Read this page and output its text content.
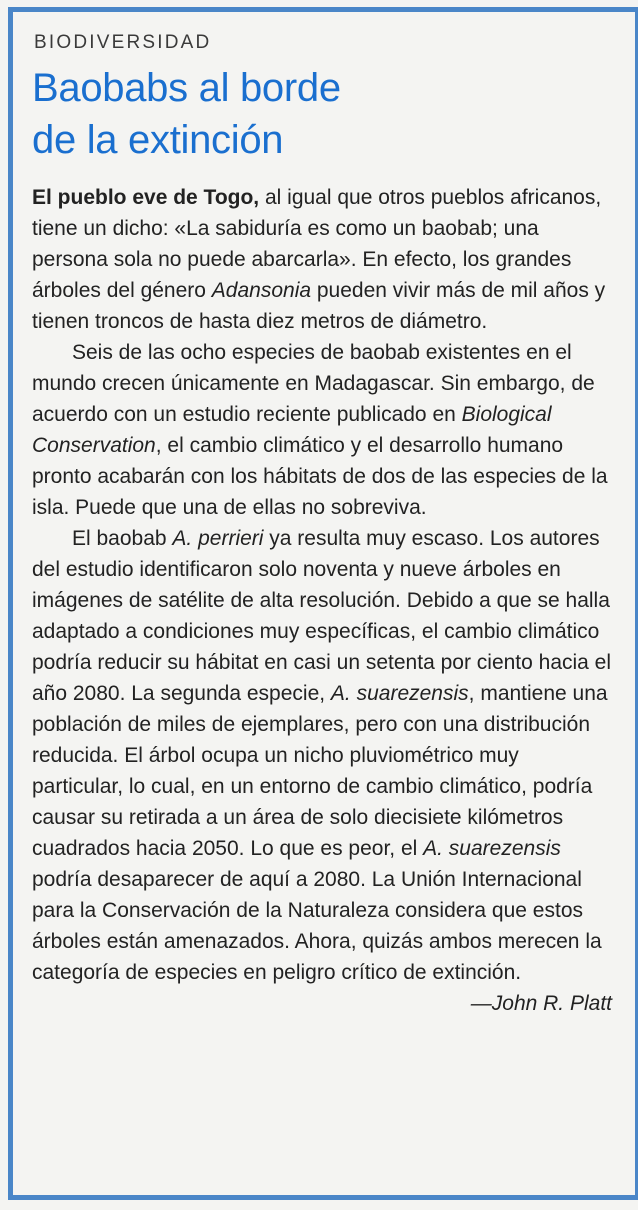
BIODIVERSIDAD
Baobabs al borde
de la extinción

El pueblo eve de Togo, al igual que otros pueblos africanos, tiene un dicho: «La sabiduría es como un baobab; una persona sola no puede abarcarla». En efecto, los grandes árboles del género Adansonia pueden vivir más de mil años y tienen troncos de hasta diez metros de diámetro.

Seis de las ocho especies de baobab existentes en el mundo crecen únicamente en Madagascar. Sin embargo, de acuerdo con un estudio reciente publicado en Biological Conservation, el cambio climático y el desarrollo humano pronto acabarán con los hábitats de dos de las especies de la isla. Puede que una de ellas no sobreviva.

El baobab A. perrieri ya resulta muy escaso. Los autores del estudio identificaron solo noventa y nueve árboles en imágenes de satélite de alta resolución. Debido a que se halla adaptado a condiciones muy específicas, el cambio climático podría reducir su hábitat en casi un setenta por ciento hacia el año 2080. La segunda especie, A. suarezensis, mantiene una población de miles de ejemplares, pero con una distribución reducida. El árbol ocupa un nicho pluviométrico muy particular, lo cual, en un entorno de cambio climático, podría causar su retirada a un área de solo diecisiete kilómetros cuadrados hacia 2050. Lo que es peor, el A. suarezensis podría desaparecer de aquí a 2080. La Unión Internacional para la Conservación de la Naturaleza considera que estos árboles están amenazados. Ahora, quizás ambos merecen la categoría de especies en peligro crítico de extinción.
—John R. Platt
